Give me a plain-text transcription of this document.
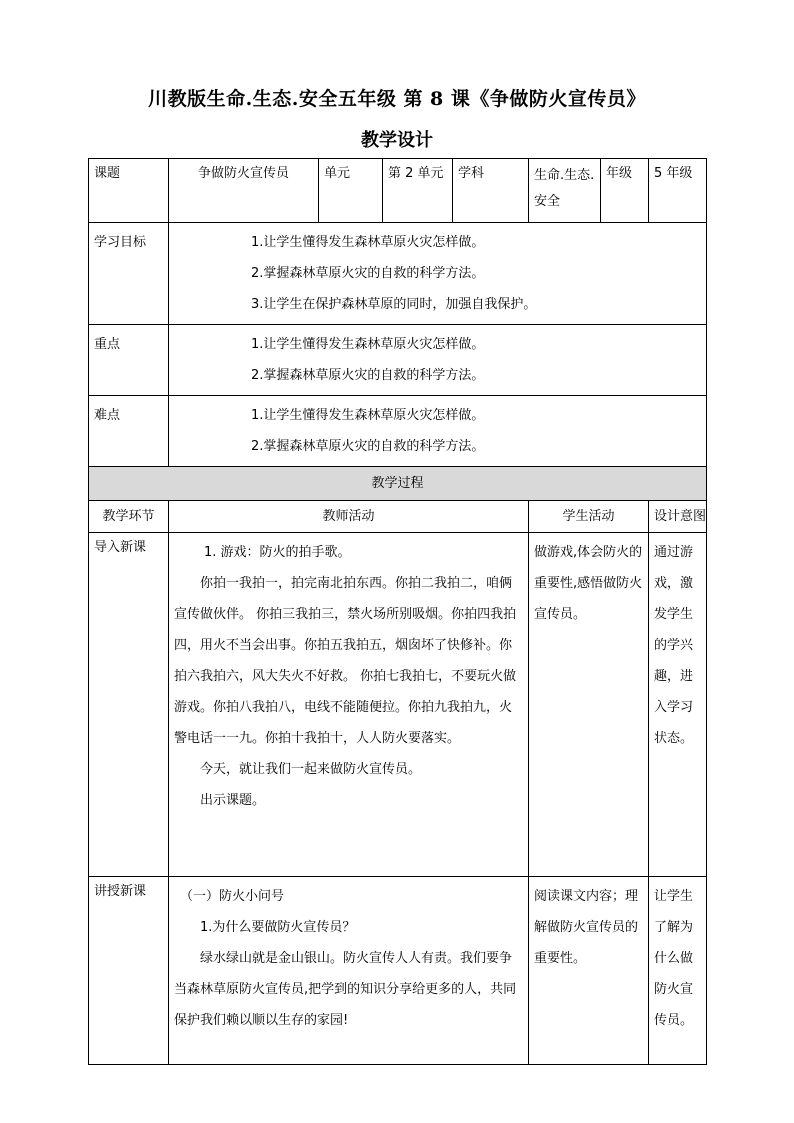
川教版生命.生态.安全五年级 第 8 课《争做防火宣传员》
教学设计
课题	争做防火宣传员	单元	第 2 单元	学科	生命.生态.安全	年级	5 年级
学习目标	1.让学生懂得发生森林草原火灾怎样做。
2.掌握森林草原火灾的自救的科学方法。
3.让学生在保护森林草原的同时，加强自我保护。						

重点	1.让学生懂得发生森林草原火灾怎样做。
2.掌握森林草原火灾的自救的科学方法。						

难点	1.让学生懂得发生森林草原火灾怎样做。
2.掌握森林草原火灾的自救的科学方法。						

教学过程							
教学环节	教师活动				学生活动		设计意图
导入新课	1. 游戏：防火的拍手歌。
你拍一我拍一，拍完南北拍东西。你拍二我拍二，咱俩宣传做伙伴。 你拍三我拍三，禁火场所别吸烟。你拍四我拍四，用火不当会出事。你拍五我拍五，烟囱坏了快修补。你拍六我拍六，风大失火不好救。 你拍七我拍七，不要玩火做游戏。你拍八我拍八，电线不能随便拉。你拍九我拍九，火警电话一一九。你拍十我拍十，人人防火要落实。
今天，就让我们一起来做防火宣传员。
出示课题。				做游戏,体会防火的重要性,感悟做防火宣传员。		通过游戏，激发学生的学兴趣，进入学习状态。
讲授新课	（一）防火小问号
1.为什么要做防火宣传员？
绿水绿山就是金山银山。防火宣传人人有责。我们要争当森林草原防火宣传员,把学到的知识分享给更多的人，共同保护我们赖以顺以生存的家园!				阅读课文内容；理解做防火宣传员的重要性。		让学生了解为什么做防火宣传员。
